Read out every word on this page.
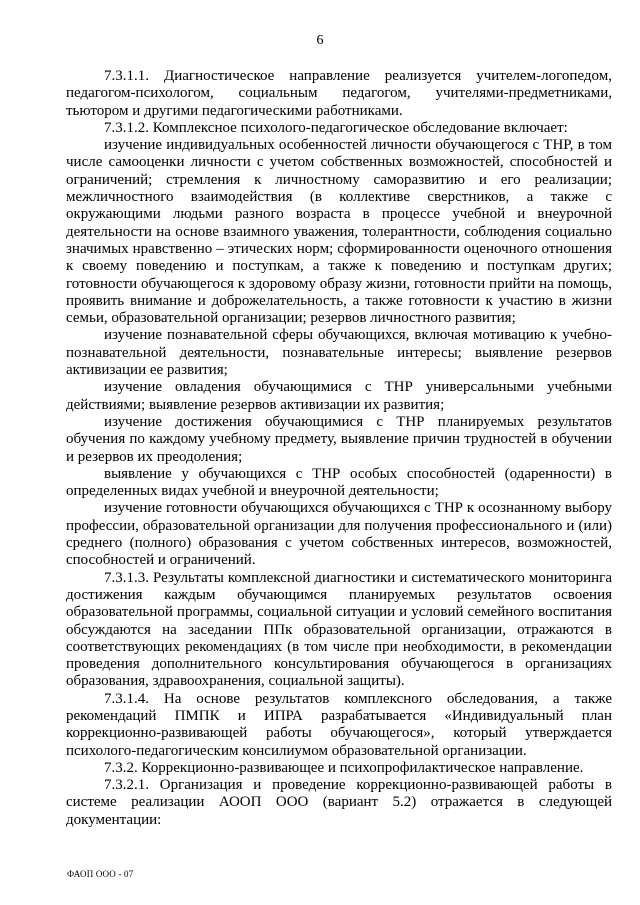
6

7.3.1.1. Диагностическое направление реализуется учителем-логопедом, педагогом-психологом, социальным педагогом, учителями-предметниками, тьютором и другими педагогическими работниками.

7.3.1.2. Комплексное психолого-педагогическое обследование включает:

изучение индивидуальных особенностей личности обучающегося с ТНР, в том числе самооценки личности с учетом собственных возможностей, способностей и ограничений; стремления к личностному саморазвитию и его реализации; межличностного взаимодействия (в коллективе сверстников, а также с окружающими людьми разного возраста в процессе учебной и внеурочной деятельности на основе взаимного уважения, толерантности, соблюдения социально значимых нравственно – этических норм; сформированности оценочного отношения к своему поведению и поступкам, а также к поведению и поступкам других; готовности обучающегося к здоровому образу жизни, готовности прийти на помощь, проявить внимание и доброжелательность, а также готовности к участию в жизни семьи, образовательной организации; резервов личностного развития;

изучение познавательной сферы обучающихся, включая мотивацию к учебно-познавательной деятельности, познавательные интересы; выявление резервов активизации ее развития;

изучение овладения обучающимися с ТНР универсальными учебными действиями; выявление резервов активизации их развития;

изучение достижения обучающимися с ТНР планируемых результатов обучения по каждому учебному предмету, выявление причин трудностей в обучении и резервов их преодоления;

выявление у обучающихся с ТНР особых способностей (одаренности) в определенных видах учебной и внеурочной деятельности;

изучение готовности обучающихся обучающихся с ТНР к осознанному выбору профессии, образовательной организации для получения профессионального и (или) среднего (полного) образования с учетом собственных интересов, возможностей, способностей и ограничений.

7.3.1.3. Результаты комплексной диагностики и систематического мониторинга достижения каждым обучающимся планируемых результатов освоения образовательной программы, социальной ситуации и условий семейного воспитания обсуждаются на заседании ППк образовательной организации, отражаются в соответствующих рекомендациях (в том числе при необходимости, в рекомендации проведения дополнительного консультирования обучающегося в организациях образования, здравоохранения, социальной защиты).

7.3.1.4. На основе результатов комплексного обследования, а также рекомендаций ПМПК и ИПРА разрабатывается «Индивидуальный план коррекционно-развивающей работы обучающегося», который утверждается психолого-педагогическим консилиумом образовательной организации.

7.3.2. Коррекционно-развивающее и психопрофилактическое направление.

7.3.2.1. Организация и проведение коррекционно-развивающей работы в системе реализации АООП ООО (вариант 5.2) отражается в следующей документации:

ФАОП ООО - 07
